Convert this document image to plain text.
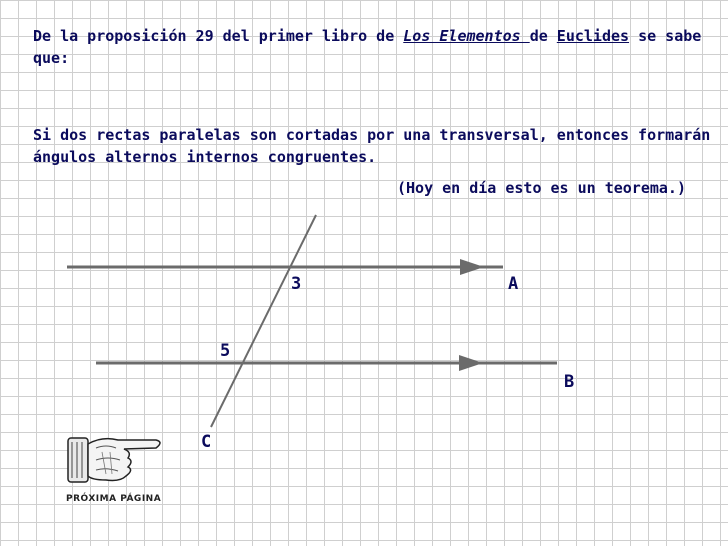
De la proposición 29 del primer libro de Los Elementos de Euclides se sabe que:
Si dos rectas paralelas son cortadas por una transversal, entonces formarán ángulos alternos internos congruentes.
(Hoy en día esto es un teorema.)
3	A
5
B
C
PRÓXIMA PÁGINA
